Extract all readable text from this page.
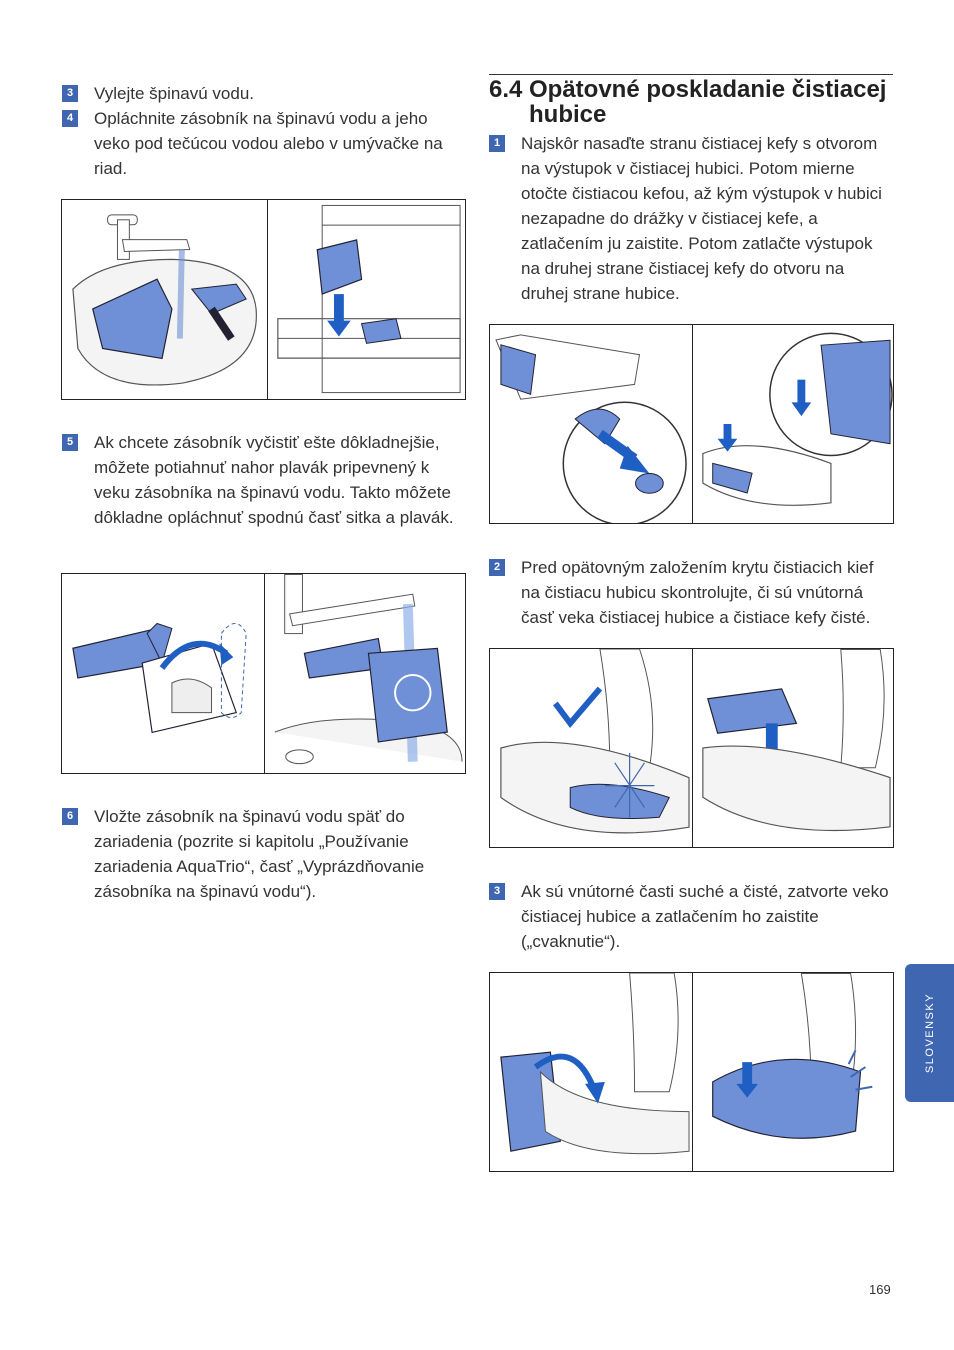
3 Vylejte špinavú vodu.
4 Opláchnite zásobník na špinavú vodu a jeho veko pod tečúcou vodou alebo v umývačke na riad.
5 Ak chcete zásobník vyčistiť ešte dôkladnejšie, môžete potiahnuť nahor plavák pripevnený k veku zásobníka na špinavú vodu. Takto môžete dôkladne opláchnuť spodnú časť sitka a plavák.
6 Vložte zásobník na špinavú vodu späť do zariadenia (pozrite si kapitolu „Používanie zariadenia AquaTrio“, časť „Vyprázdňovanie zásobníka na špinavú vodu“).
6.4 Opätovné poskladanie čistiacej hubice
1 Najskôr nasaďte stranu čistiacej kefy s otvorom na výstupok v čistiacej hubici. Potom mierne otočte čistiacou kefou, až kým výstupok v hubici nezapadne do drážky v čistiacej kefe, a zatlačením ju zaistite. Potom zatlačte výstupok na druhej strane čistiacej kefy do otvoru na druhej strane hubice.
2 Pred opätovným založením krytu čistiacich kief na čistiacu hubicu skontrolujte, či sú vnútorná časť veka čistiacej hubice a čistiace kefy čisté.
3 Ak sú vnútorné časti suché a čisté, zatvorte veko čistiacej hubice a zatlačením ho zaistite („cvaknutie“).
SLOVENSKY
169
